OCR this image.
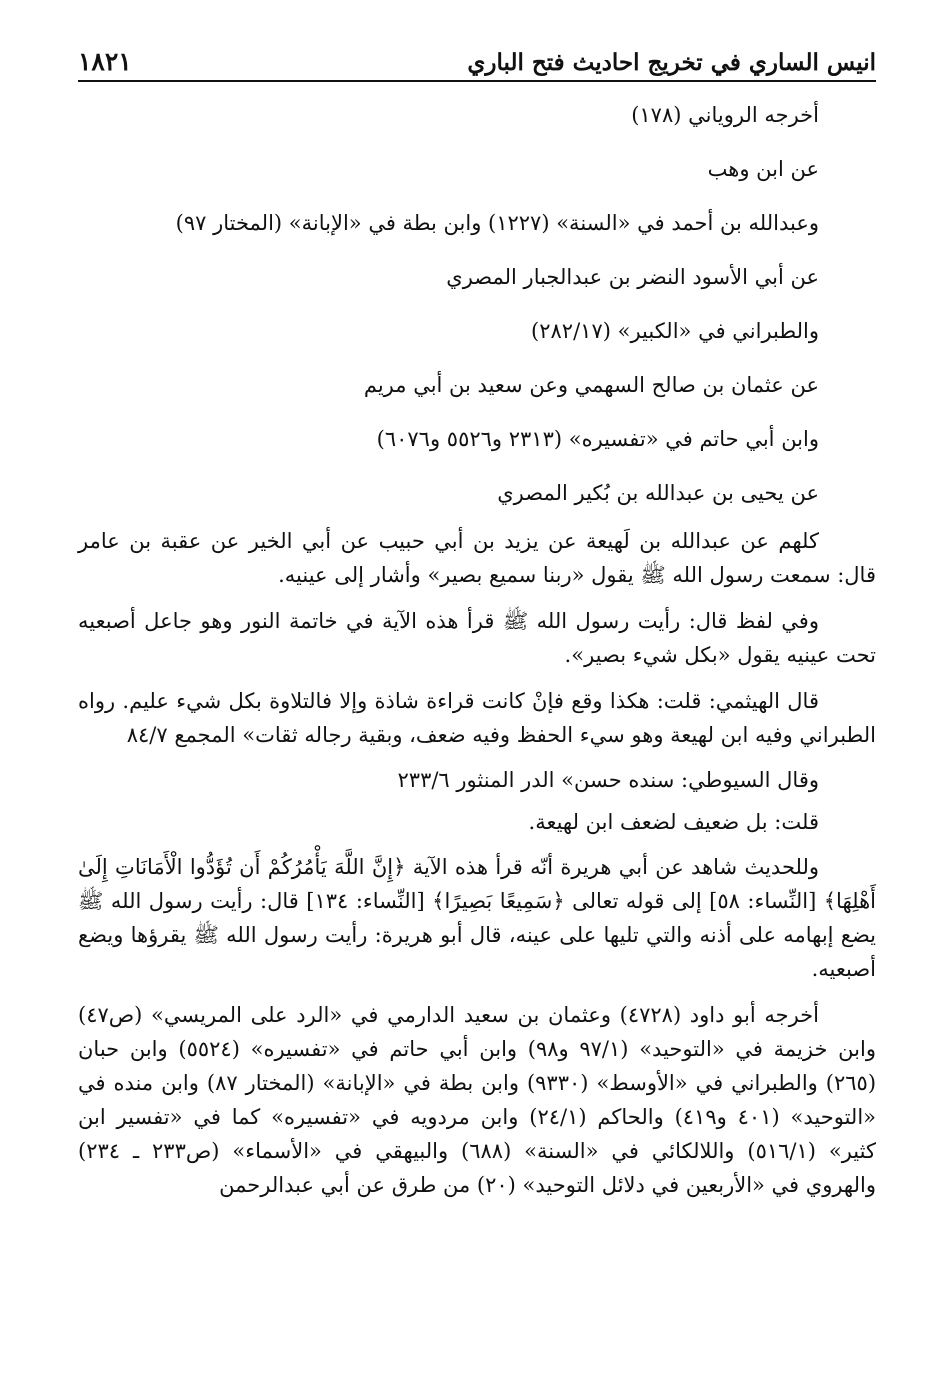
انيس الساري في تخريج احاديث فتح الباري
١٨٢١
أخرجه الروياني (١٧٨)
عن ابن وهب
وعبدالله بن أحمد في «السنة» (١٢٢٧) وابن بطة في «الإبانة» (المختار ٩٧)
عن أبي الأسود النضر بن عبدالجبار المصري
والطبراني في «الكبير» (٢٨٢/١٧)
عن عثمان بن صالح السهمي وعن سعيد بن أبي مريم
وابن أبي حاتم في «تفسيره» (٢٣١٣ و٥٥٢٦ و٦٠٧٦)
عن يحيى بن عبدالله بن بُكير المصري

كلهم عن عبدالله بن لَهيعة عن يزيد بن أبي حبيب عن أبي الخير عن عقبة بن عامر قال: سمعت رسول الله ﷺ يقول «ربنا سميع بصير» وأشار إلى عينيه.

وفي لفظ قال: رأيت رسول الله ﷺ قرأ هذه الآية في خاتمة النور وهو جاعل أصبعيه تحت عينيه يقول «بكل شيء بصير».

قال الهيثمي: قلت: هكذا وقع فإنْ كانت قراءة شاذة وإلا فالتلاوة بكل شيء عليم. رواه الطبراني وفيه ابن لهيعة وهو سيء الحفظ وفيه ضعف، وبقية رجاله ثقات» المجمع ٨٤/٧

وقال السيوطي: سنده حسن» الدر المنثور ٢٣٣/٦
قلت: بل ضعيف لضعف ابن لهيعة.

وللحديث شاهد عن أبي هريرة أنّه قرأ هذه الآية ﴿إِنَّ اللَّهَ يَأْمُرُكُمْ أَن تُؤَدُّوا الْأَمَانَاتِ إِلَىٰ أَهْلِهَا﴾ [النِّساء: ٥٨] إلى قوله تعالى ﴿سَمِيعًا بَصِيرًا﴾ [النِّساء: ١٣٤] قال: رأيت رسول الله ﷺ يضع إبهامه على أذنه والتي تليها على عينه، قال أبو هريرة: رأيت رسول الله ﷺ يقرؤها ويضع أصبعيه.

أخرجه أبو داود (٤٧٢٨) وعثمان بن سعيد الدارمي في «الرد على المريسي» (ص٤٧) وابن خزيمة في «التوحيد» (٩٧/١ و٩٨) وابن أبي حاتم في «تفسيره» (٥٥٢٤) وابن حبان (٢٦٥) والطبراني في «الأوسط» (٩٣٣٠) وابن بطة في «الإبانة» (المختار ٨٧) وابن منده في «التوحيد» (٤٠١ و٤١٩) والحاكم (٢٤/١) وابن مردويه في «تفسيره» كما في «تفسير ابن كثير» (٥١٦/١) واللالكائي في «السنة» (٦٨٨) والبيهقي في «الأسماء» (ص٢٣٣ ـ ٢٣٤) والهروي في «الأربعين في دلائل التوحيد» (٢٠) من طرق عن أبي عبدالرحمن
